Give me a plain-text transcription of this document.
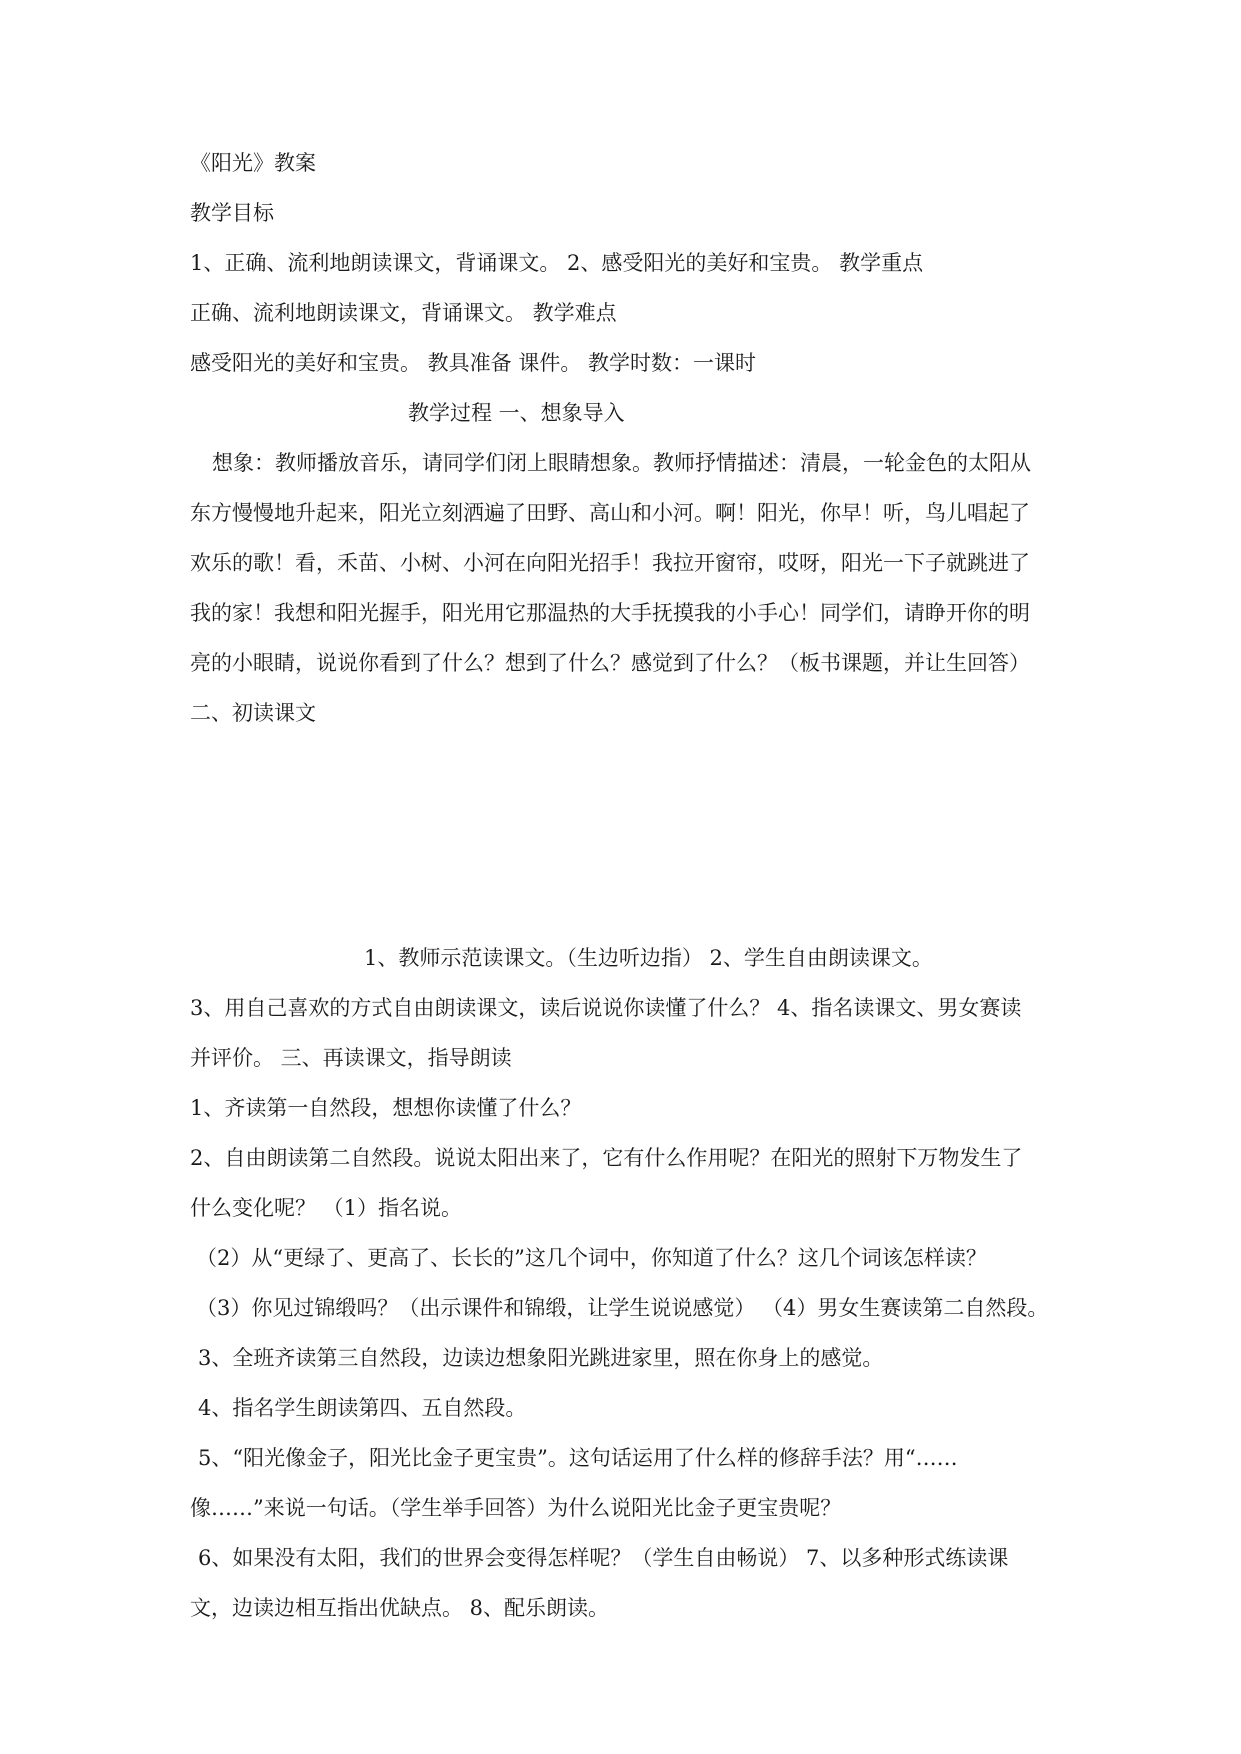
《阳光》教案

教学目标

1、正确、流利地朗读课文，背诵课文。 2、感受阳光的美好和宝贵。 教学重点

正确、流利地朗读课文，背诵课文。 教学难点

感受阳光的美好和宝贵。 教具准备 课件。 教学时数：一课时

教学过程 一、想象导入

想象：教师播放音乐，请同学们闭上眼睛想象。教师抒情描述：清晨，一轮金色的太阳从

东方慢慢地升起来，阳光立刻洒遍了田野、高山和小河。啊！阳光，你早！听，鸟儿唱起了

欢乐的歌！看，禾苗、小树、小河在向阳光招手！我拉开窗帘，哎呀，阳光一下子就跳进了

我的家！我想和阳光握手，阳光用它那温热的大手抚摸我的小手心！同学们，请睁开你的明

亮的小眼睛，说说你看到了什么？想到了什么？感觉到了什么？（板书课题，并让生回答）

二、初读课文

1、教师示范读课文。（生边听边指） 2、学生自由朗读课文。

3、用自己喜欢的方式自由朗读课文，读后说说你读懂了什么？ 4、指名读课文、男女赛读

并评价。 三、再读课文，指导朗读

1、齐读第一自然段，想想你读懂了什么？

2、自由朗读第二自然段。说说太阳出来了，它有什么作用呢？在阳光的照射下万物发生了

什么变化呢？ （1）指名说。

（2）从“更绿了、更高了、长长的”这几个词中，你知道了什么？这几个词该怎样读？

（3）你见过锦缎吗？（出示课件和锦缎，让学生说说感觉） （4）男女生赛读第二自然段。

3、全班齐读第三自然段，边读边想象阳光跳进家里，照在你身上的感觉。

4、指名学生朗读第四、五自然段。

5、“阳光像金子，阳光比金子更宝贵”。这句话运用了什么样的修辞手法？用“……

像……”来说一句话。（学生举手回答）为什么说阳光比金子更宝贵呢？

6、如果没有太阳，我们的世界会变得怎样呢？（学生自由畅说） 7、以多种形式练读课

文，边读边相互指出优缺点。 8、配乐朗读。
